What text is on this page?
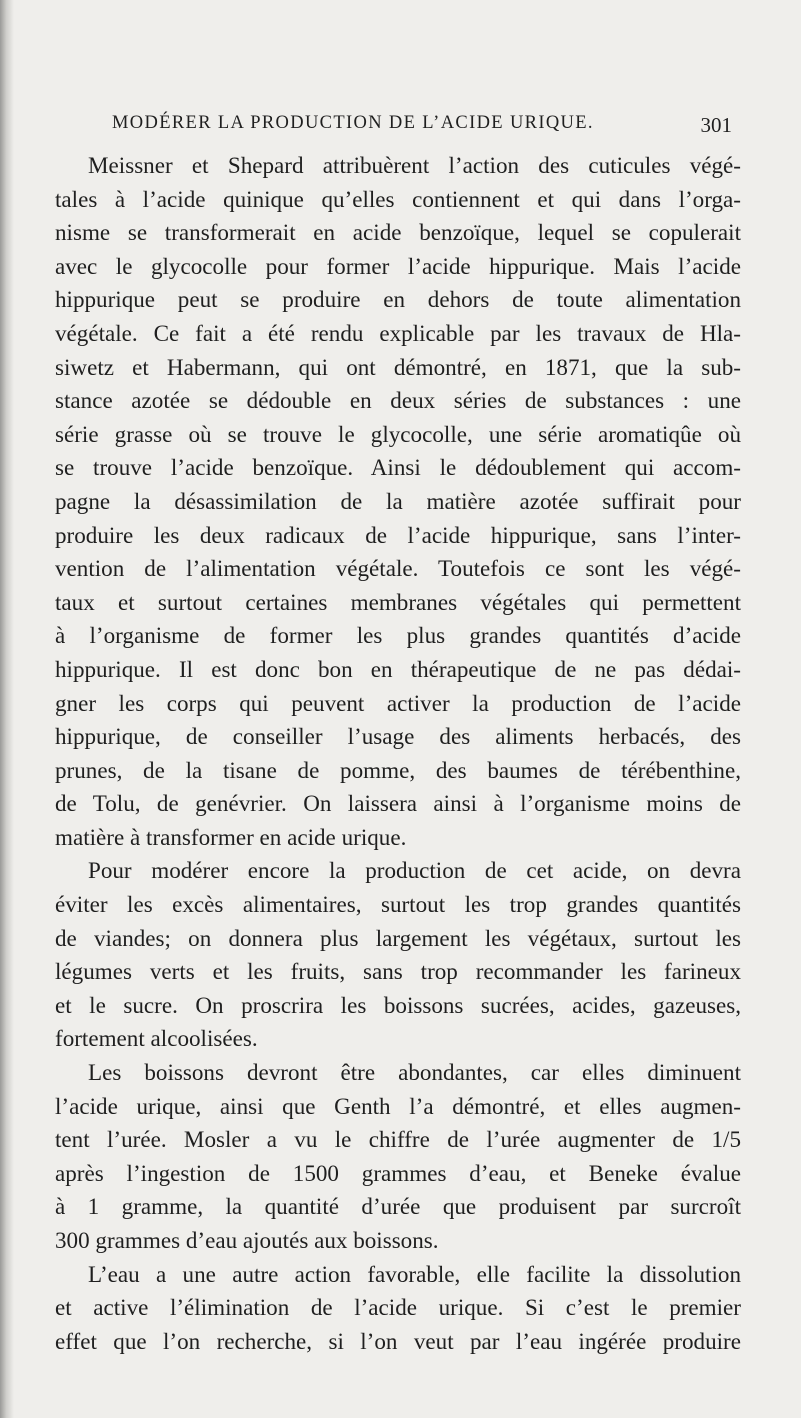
MODÉRER LA PRODUCTION DE L’ACIDE URIQUE.	301
Meissner et Shepard attribuèrent l’action des cuticules végé-
tales à l’acide quinique qu’elles contiennent et qui dans l’orga-
nisme se transformerait en acide benzoïque, lequel se copulerait
avec le glycocolle pour former l’acide hippurique. Mais l’acide
hippurique peut se produire en dehors de toute alimentation
végétale. Ce fait a été rendu explicable par les travaux de Hla-
siwetz et Habermann, qui ont démontré, en 1871, que la sub-
stance azotée se dédouble en deux séries de substances : une
série grasse où se trouve le glycocolle, une série aromatiqûe où
se trouve l’acide benzoïque. Ainsi le dédoublement qui accom-
pagne la désassimilation de la matière azotée suffirait pour
produire les deux radicaux de l’acide hippurique, sans l’inter-
vention de l’alimentation végétale. Toutefois ce sont les végé-
taux et surtout certaines membranes végétales qui permettent
à l’organisme de former les plus grandes quantités d’acide
hippurique. Il est donc bon en thérapeutique de ne pas dédai-
gner les corps qui peuvent activer la production de l’acide
hippurique, de conseiller l’usage des aliments herbacés, des
prunes, de la tisane de pomme, des baumes de térébenthine,
de Tolu, de genévrier. On laissera ainsi à l’organisme moins de
matière à transformer en acide urique.
Pour modérer encore la production de cet acide, on devra
éviter les excès alimentaires, surtout les trop grandes quantités
de viandes; on donnera plus largement les végétaux, surtout les
légumes verts et les fruits, sans trop recommander les farineux
et le sucre. On proscrira les boissons sucrées, acides, gazeuses,
fortement alcoolisées.
Les boissons devront être abondantes, car elles diminuent
l’acide urique, ainsi que Genth l’a démontré, et elles augmen-
tent l’urée. Mosler a vu le chiffre de l’urée augmenter de 1/5
après l’ingestion de 1500 grammes d’eau, et Beneke évalue
à 1 gramme, la quantité d’urée que produisent par surcroît
300 grammes d’eau ajoutés aux boissons.
L’eau a une autre action favorable, elle facilite la dissolution
et active l’élimination de l’acide urique. Si c’est le premier
effet que l’on recherche, si l’on veut par l’eau ingérée produire
